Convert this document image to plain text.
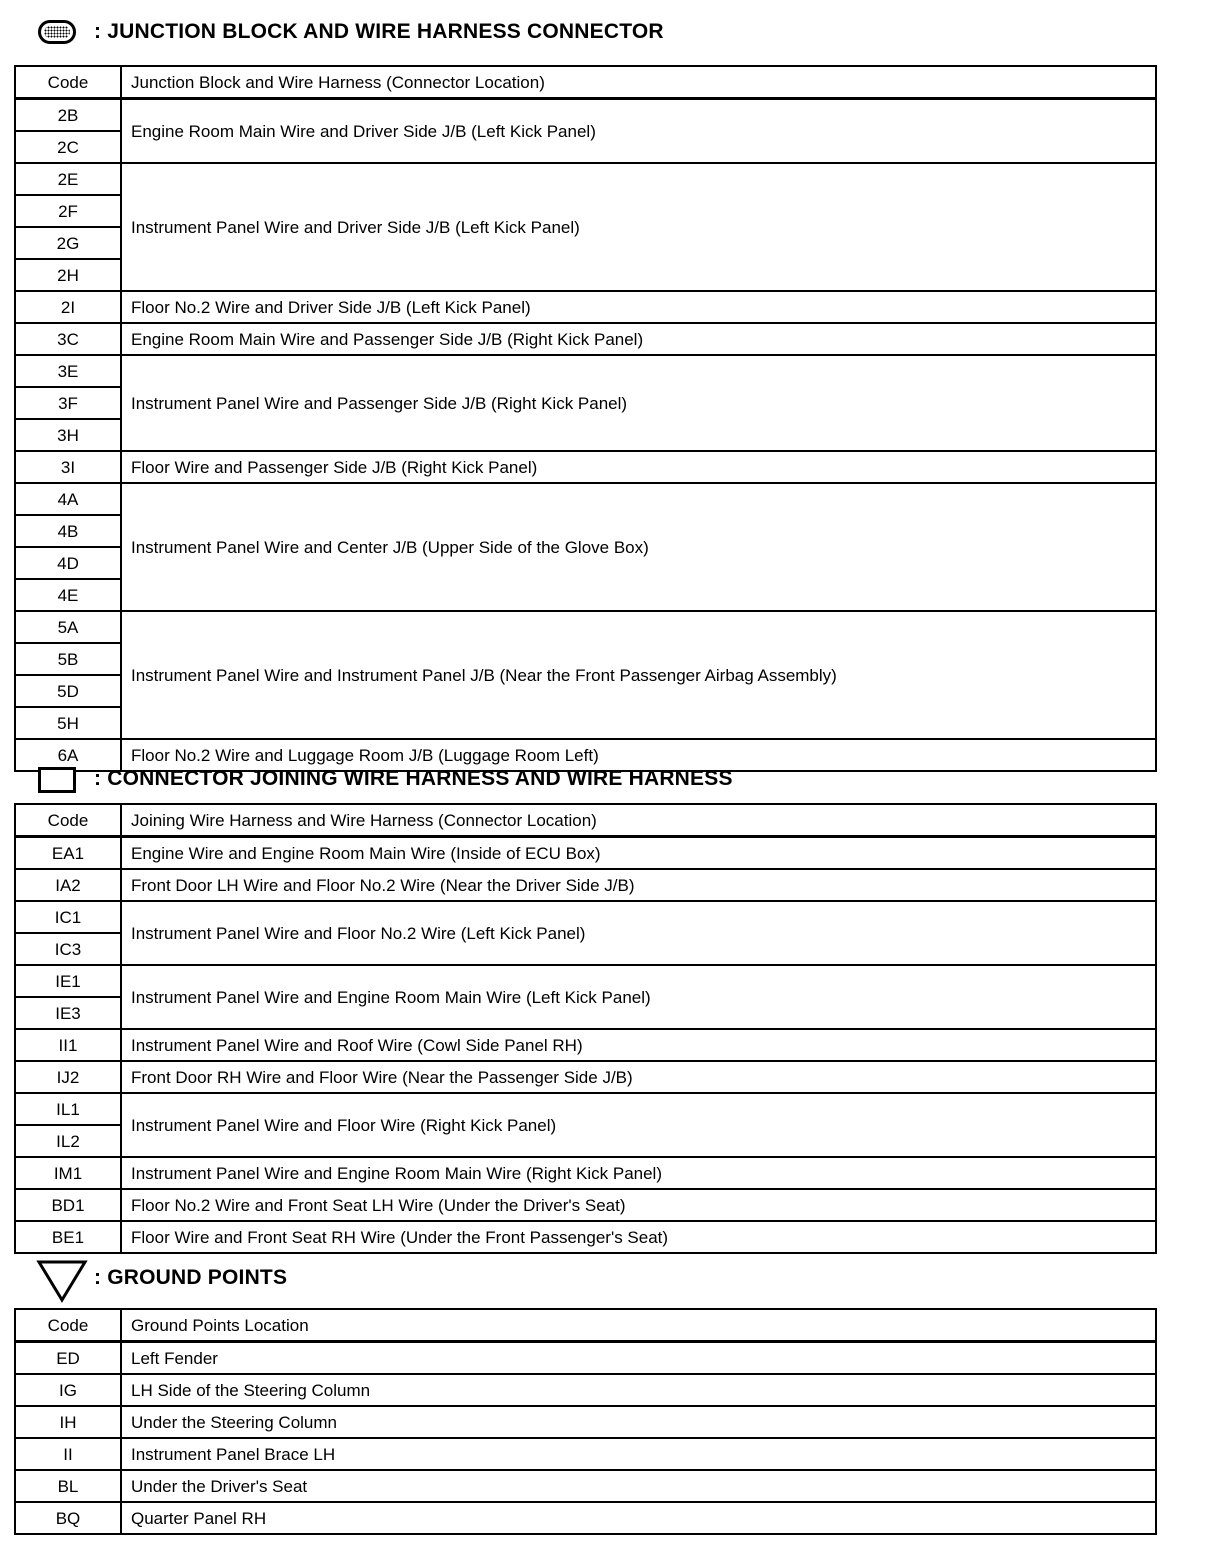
: JUNCTION BLOCK AND WIRE HARNESS CONNECTOR
Code	Junction Block and Wire Harness (Connector Location)
2B	Engine Room Main Wire and Driver Side J/B (Left Kick Panel)
2C	
2E	Instrument Panel Wire and Driver Side J/B (Left Kick Panel)
2F	
2G	
2H	
2I	Floor No.2 Wire and Driver Side J/B (Left Kick Panel)
3C	Engine Room Main Wire and Passenger Side J/B (Right Kick Panel)
3E	Instrument Panel Wire and Passenger Side J/B (Right Kick Panel)
3F	
3H	
3I	Floor Wire and Passenger Side J/B (Right Kick Panel)
4A	Instrument Panel Wire and Center J/B (Upper Side of the Glove Box)
4B	
4D	
4E	
5A	Instrument Panel Wire and Instrument Panel J/B (Near the Front Passenger Airbag Assembly)
5B	
5D	
5H	
6A	Floor No.2 Wire and Luggage Room J/B (Luggage Room Left)
: CONNECTOR JOINING WIRE HARNESS AND WIRE HARNESS
Code	Joining Wire Harness and Wire Harness (Connector Location)
EA1	Engine Wire and Engine Room Main Wire (Inside of ECU Box)
IA2	Front Door LH Wire and Floor No.2 Wire (Near the Driver Side J/B)
IC1	Instrument Panel Wire and Floor No.2 Wire (Left Kick Panel)
IC3	
IE1	Instrument Panel Wire and Engine Room Main Wire (Left Kick Panel)
IE3	
II1	Instrument Panel Wire and Roof Wire (Cowl Side Panel RH)
IJ2	Front Door RH Wire and Floor Wire (Near the Passenger Side J/B)
IL1	Instrument Panel Wire and Floor Wire (Right Kick Panel)
IL2	
IM1	Instrument Panel Wire and Engine Room Main Wire (Right Kick Panel)
BD1	Floor No.2 Wire and Front Seat LH Wire (Under the Driver's Seat)
BE1	Floor Wire and Front Seat RH Wire (Under the Front Passenger's Seat)
: GROUND POINTS
Code	Ground Points Location
ED	Left Fender
IG	LH Side of the Steering Column
IH	Under the Steering Column
II	Instrument Panel Brace LH
BL	Under the Driver's Seat
BQ	Quarter Panel RH
